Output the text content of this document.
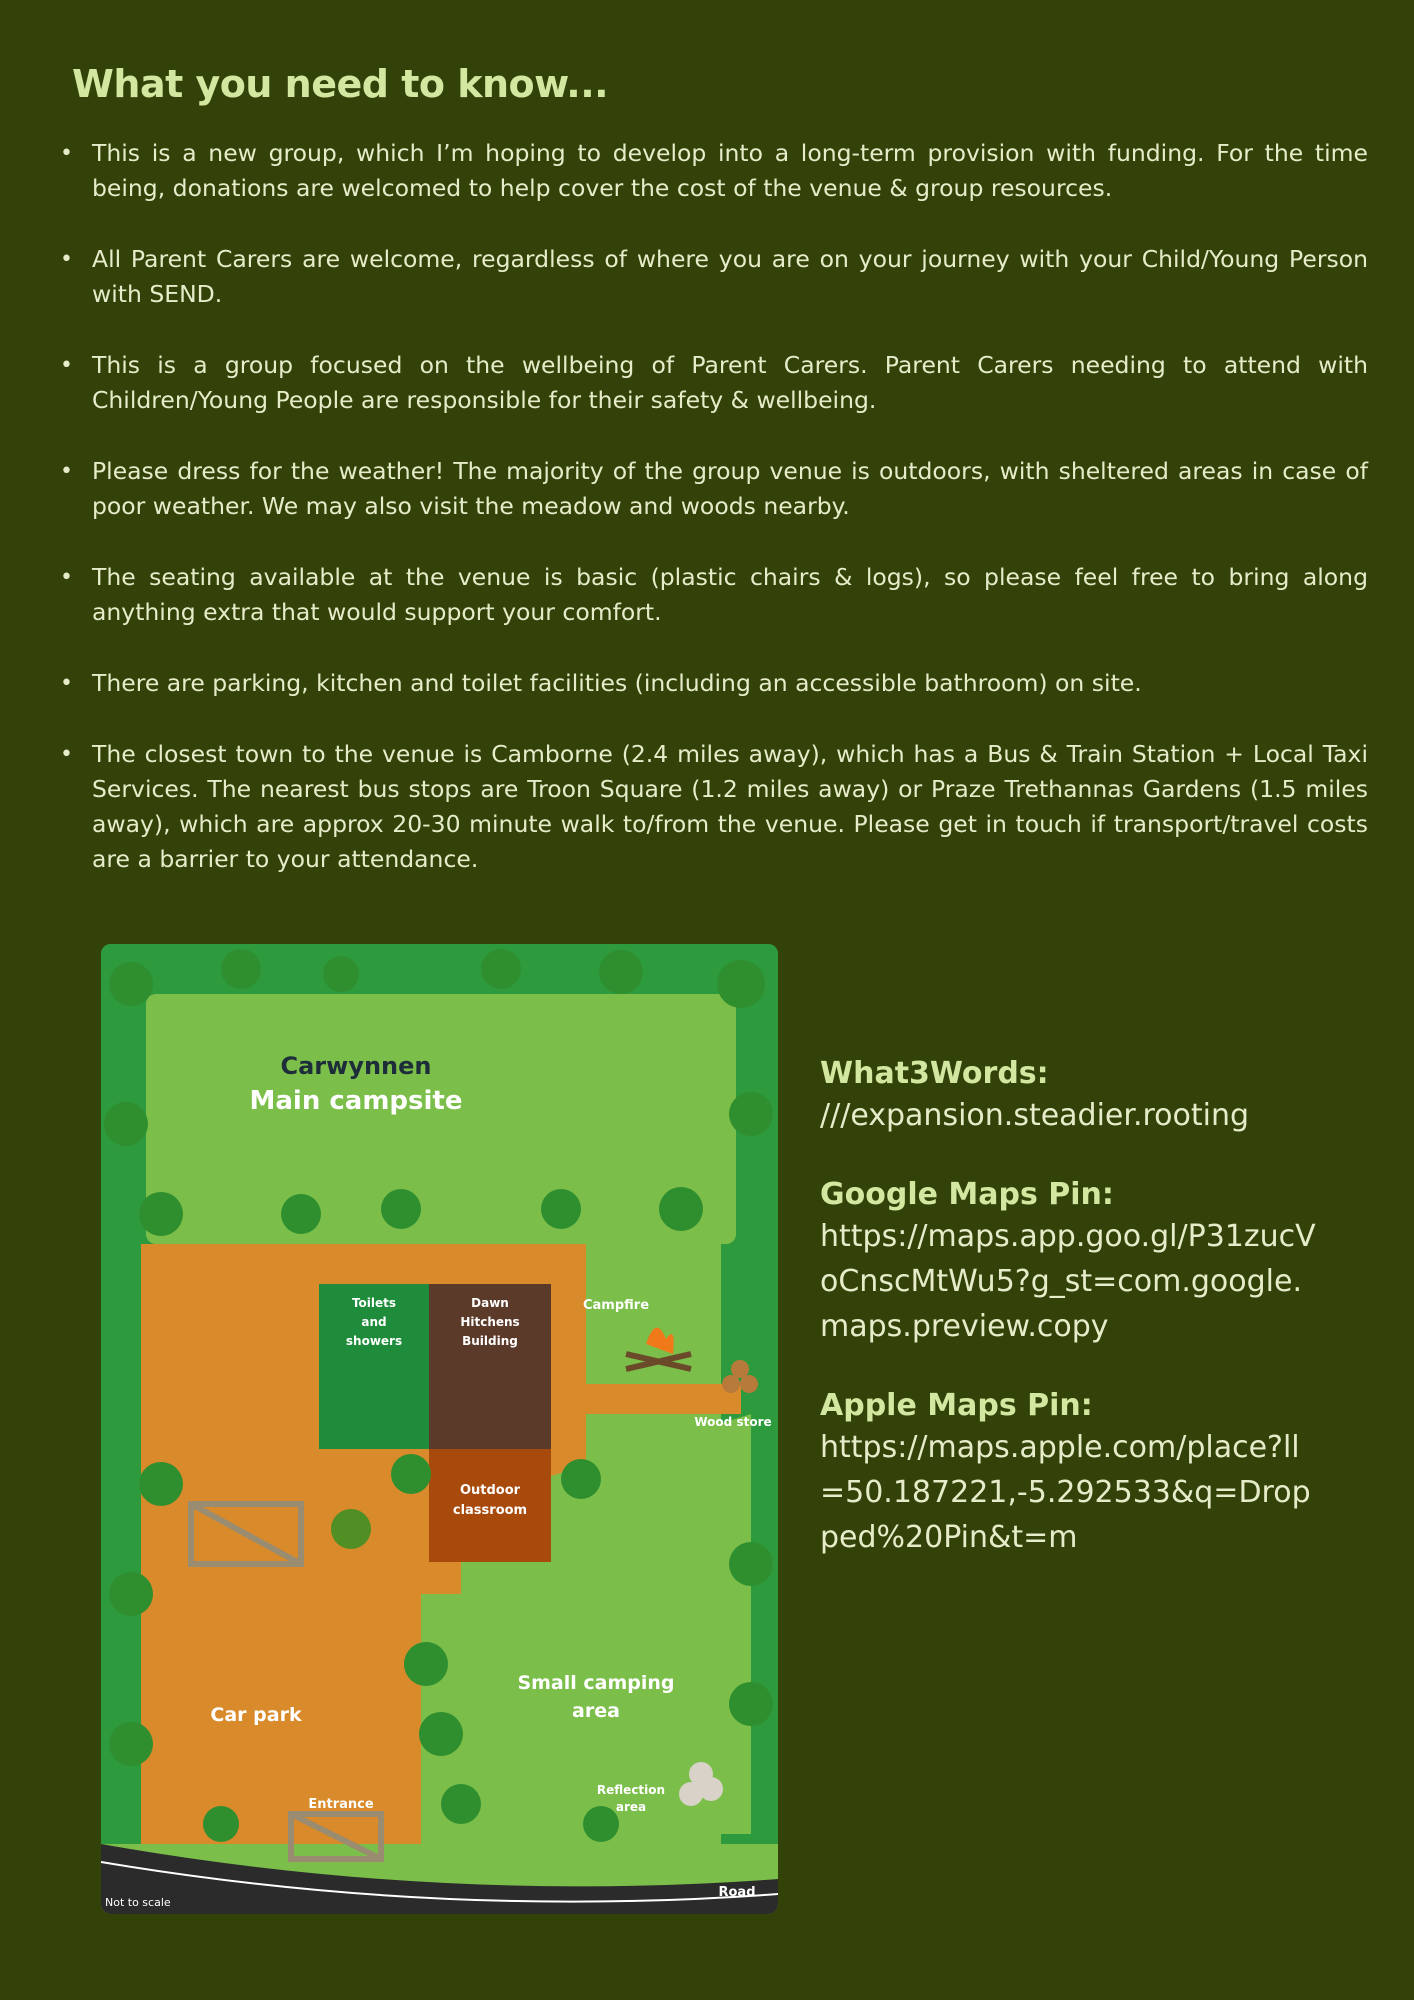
What you need to know...
• This is a new group, which I’m hoping to develop into a long-term provision with funding. For the time being, donations are welcomed to help cover the cost of the venue & group resources.
• All Parent Carers are welcome, regardless of where you are on your journey with your Child/Young Person with SEND.
• This is a group focused on the wellbeing of Parent Carers. Parent Carers needing to attend with Children/Young People are responsible for their safety & wellbeing.
• Please dress for the weather! The majority of the group venue is outdoors, with sheltered areas in case of poor weather. We may also visit the meadow and woods nearby.
• The seating available at the venue is basic (plastic chairs & logs), so please feel free to bring along anything extra that would support your comfort.
• There are parking, kitchen and toilet facilities (including an accessible bathroom) on site.
• The closest town to the venue is Camborne (2.4 miles away), which has a Bus & Train Station + Local Taxi Services. The nearest bus stops are Troon Square (1.2 miles away) or Praze Trethannas Gardens (1.5 miles away), which are approx 20-30 minute walk to/from the venue. Please get in touch if transport/travel costs are a barrier to your attendance.
Carwynnen
Main campsite
Toilets
and
showers
Dawn
Hitchens
Building
Campfire
Wood store
Outdoor
classroom
Small camping
area
Car park
Entrance
Reflection
area
Road
Not to scale
What3Words:
///expansion.steadier.rooting
Google Maps Pin:
https://maps.app.goo.gl/P31zucVoCnscMtWu5?g_st=com.google.maps.preview.copy
Apple Maps Pin:
https://maps.apple.com/place?ll=50.187221,-5.292533&q=Dropped%20Pin&t=m
